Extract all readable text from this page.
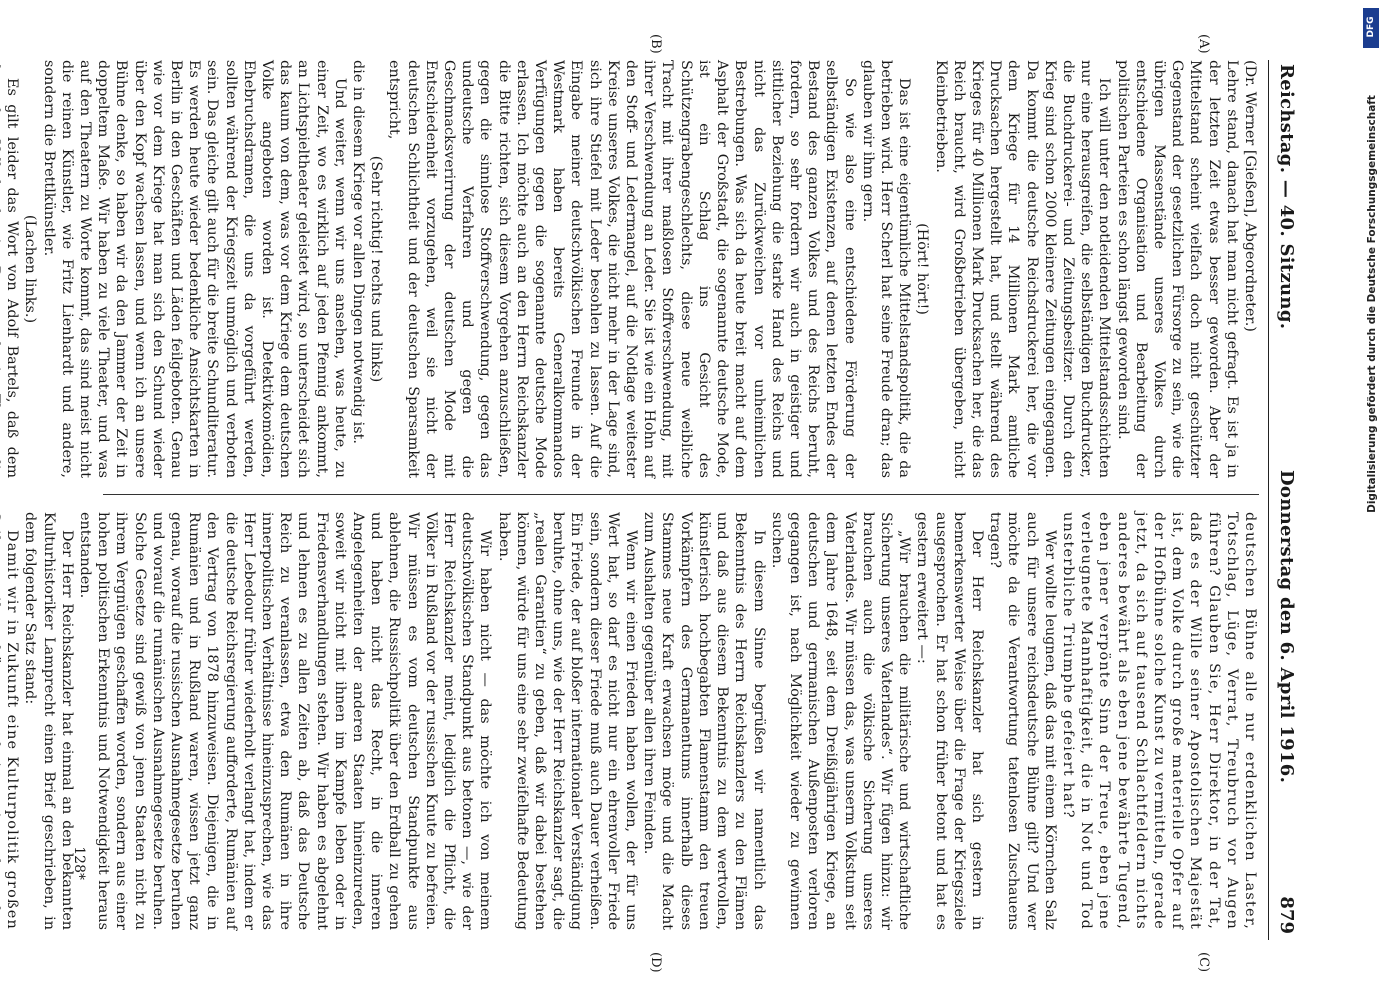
Reichstag. — 40. Sitzung.
Donnerstag den 6. April 1916.
879
(A)
(B)
(C)
(D)

(Dr. Werner [Gießen], Abgeordneter.)

Lehre stand, danach hat man nicht gefragt. Es ist ja in der letzten Zeit etwas besser geworden. Aber der Mittelstand scheint vielfach doch nicht geschützter Gegenstand der gesetzlichen Fürsorge zu sein, wie die übrigen Massenstände unseres Volkes durch entschiedene Organisation und Bearbeitung der politischen Parteien es schon längst geworden sind.

Ich will unter den notleidenden Mittelstandsschichten nur eine herausgreifen, die selbständigen Buchdrucker, die Buchdruckerei- und Zeitungsbesitzer. Durch den Krieg sind schon 2000 kleinere Zeitungen eingegangen. Da kommt die deutsche Reichsdruckerei her, die vor dem Kriege für 14 Millionen Mark amtliche Drucksachen hergestellt hat, und stellt während des Krieges für 40 Millionen Mark Drucksachen her, die das Reich braucht, wird Großbetrieben übergeben, nicht Kleinbetrieben.

(Hört! hört!)

Das ist eine eigentümliche Mittelstandspolitik, die da betrieben wird. Herr Scherl hat seine Freude dran; das glauben wir ihm gern.

So wie also eine entschiedene Förderung der selbständigen Existenzen, auf denen letzten Endes der Bestand des ganzen Volkes und des Reichs beruht, fordern, so sehr fordern wir auch in geistiger und sittlicher Beziehung die starke Hand des Reichs und nicht das Zurückweichen vor unheimlichen Bestrebungen. Was sich da heute breit macht auf dem Asphalt der Großstadt, die sogenannte deutsche Mode, ist ein Schlag ins Gesicht des Schützengrabengeschlechts, diese neue weibliche Tracht mit ihrer maßlosen Stoffverschwendung, mit ihrer Verschwendung an Leder. Sie ist wie ein Hohn auf den Stoff- und Ledermangel, auf die Notlage weitester Kreise unseres Volkes, die nicht mehr in der Lage sind, sich ihre Stiefel mit Leder besohlen zu lassen. Auf die Eingabe meiner deutschvölkischen Freunde in der Westmark haben bereits Generalkommandos Verfügungen gegen die sogenannte deutsche Mode erlassen. Ich möchte auch an den Herrn Reichskanzler die Bitte richten, sich diesem Vorgehen anzuschließen, gegen die sinnlose Stoffverschwendung, gegen das undeutsche Verfahren und gegen die Geschmacksverirrung der deutschen Mode mit Entschiedenheit vorzugehen, weil sie nicht der deutschen Schlichtheit und der deutschen Sparsamkeit entspricht,

(Sehr richtig! rechts und links)

die in diesem Kriege vor allen Dingen notwendig ist.

Und weiter, wenn wir uns ansehen, was heute, zu einer Zeit, wo es wirklich auf jeden Pfennig ankommt, an Lichtspieltheater geleistet wird, so unterscheidet sich das kaum von dem, was vor dem Kriege dem deutschen Volke angeboten worden ist. Detektivkomödien, Ehebruchsdramen, die uns da vorgeführt werden, sollten während der Kriegszeit unmöglich und verboten sein. Das gleiche gilt auch für die breite Schundliteratur. Es werden heute wieder bedenkliche Ansichtskarten in Berlin in den Geschäften und Läden feilgeboten. Genau wie vor dem Kriege hat man sich den Schund wieder über den Kopf wachsen lassen, und wenn ich an unsere Bühne denke, so haben wir da den Jammer der Zeit in doppeltem Maße. Wir haben zu viele Theater, und was auf den Theatern zu Worte kommt, das sind meist nicht die reinen Künstler, wie Fritz Lienhardt und andere, sondern die Brettlkünstler.

(Lachen links.)

Es gilt leider das Wort von Adolf Bartels, daß dem

deutschen Bühne alle nur erdenklichen Laster, Totschlag, Lüge, Verrat, Treubruch vor Augen führen? Glauben Sie, Herr Direktor, in der Tat, daß es der Wille seiner Apostolischen Majestät ist, dem Volke durch große materielle Opfer auf der Hofbühne solche Kunst zu vermitteln, gerade jetzt, da sich auf tausend Schlachtfeldern nichts anderes bewährt als eben jene bewährte Tugend, eben jener verpönte Sinn der Treue, eben jene verleugnete Mannhaftigkeit, die in Not und Tod unsterbliche Triumphe gefeiert hat?

Wer wollte leugnen, daß das mit einem Körnchen Salz auch für unsere reichsdeutsche Bühne gilt? Und wer möchte da die Verantwortung tatenlosen Zuschauens tragen?

Der Herr Reichskanzler hat sich gestern in bemerkenswerter Weise über die Frage der Kriegsziele ausgesprochen. Er hat schon früher betont und hat es gestern erweitert —:

„Wir brauchen die militärische und wirtschaftliche Sicherung unseres Vaterlandes“. Wir fügen hinzu: wir brauchen auch die völkische Sicherung unseres Vaterlandes. Wir müssen das, was unserm Volkstum seit dem Jahre 1648, seit dem Dreißigjährigen Kriege, an deutschen und germanischen Außenposten verloren gegangen ist, nach Möglichkeit wieder zu gewinnen suchen.

In diesem Sinne begrüßen wir namentlich das Bekenntnis des Herrn Reichskanzlers zu den Flämen und daß aus diesem Bekenntnis zu dem wertvollen, künstlerisch hochbegabten Flamenstamm den treuen Vorkämpfern des Germanentums innerhalb dieses Stammes neue Kraft erwachsen möge und die Macht zum Aushalten gegenüber allen ihren Feinden.

Wenn wir einen Frieden haben wollen, der für uns Wert hat, so darf es nicht nur ein ehrenvoller Friede sein, sondern dieser Friede muß auch Dauer verheißen. Ein Friede, der auf bloßer internationaler Verständigung beruhte, ohne uns, wie der Herr Reichskanzler sagt, die „realen Garantien“ zu geben, daß wir dabei bestehen können, würde für uns eine sehr zweifelhafte Bedeutung haben.

Wir haben nicht — das möchte ich von meinem deutschvölkischen Standpunkt aus betonen —, wie der Herr Reichskanzler meint, lediglich die Pflicht, die Völker in Rußland vor der russischen Knute zu befreien. Wir müssen es vom deutschen Standpunkte aus ablehnen, die Russischpolitik über den Erdball zu gehen und haben nicht das Recht, in die inneren Angelegenheiten der anderen Staaten hineinzureden, soweit wir nicht mit ihnen im Kampfe leben oder in Friedensverhandlungen stehen. Wir haben es abgelehnt und lehnen es zu allen Zeiten ab, daß das Deutsche Reich zu veranlassen, etwa den Rumänen in ihre innerpolitischen Verhältnisse hineinzusprechen, wie das Herr Lebedour früher wiederholt verlangt hat, indem er die deutsche Reichsregierung aufforderte, Rumänien auf den Vertrag von 1878 hinzuweisen. Diejenigen, die in Rumänien und in Rußland waren, wissen jetzt ganz genau, worauf die russischen Ausnahmegesetze beruhen und worauf die rumänischen Ausnahmegesetze beruhen. Solche Gesetze sind gewiß von jenen Staaten nicht zu ihrem Vergnügen geschaffen worden, sondern aus einer hohen politischen Erkenntnis und Notwendigkeit heraus entstanden.

Der Herr Reichskanzler hat einmal an den bekannten Kulturhistoriker Lamprecht einen Brief geschrieben, in dem folgender Satz stand:

Damit wir in Zukunft eine Kulturpolitik großen

128*
DFG
Digitalisierung gefördert durch die Deutsche Forschungsgemeinschaft
